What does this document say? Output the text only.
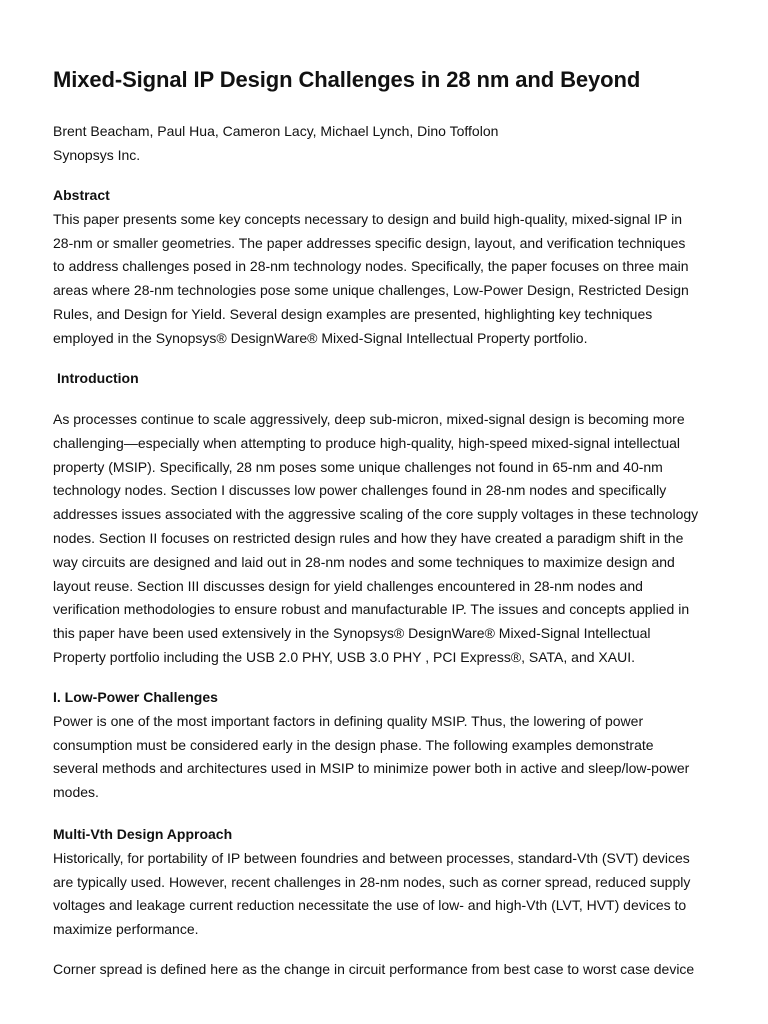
Mixed-Signal IP Design Challenges in 28 nm and Beyond
Brent Beacham, Paul Hua, Cameron Lacy, Michael Lynch, Dino Toffolon
Synopsys Inc.
Abstract
This paper presents some key concepts necessary to design and build high-quality, mixed-signal IP in
28-nm or smaller geometries. The paper addresses specific design, layout, and verification techniques
to address challenges posed in 28-nm technology nodes. Specifically, the paper focuses on three main
areas where 28-nm technologies pose some unique challenges, Low-Power Design, Restricted Design
Rules, and Design for Yield. Several design examples are presented, highlighting key techniques
employed in the Synopsys® DesignWare® Mixed-Signal Intellectual Property portfolio.
Introduction
As processes continue to scale aggressively, deep sub-micron, mixed-signal design is becoming more
challenging—especially when attempting to produce high-quality, high-speed mixed-signal intellectual
property (MSIP). Specifically, 28 nm poses some unique challenges not found in 65-nm and 40-nm
technology nodes. Section I discusses low power challenges found in 28-nm nodes and specifically
addresses issues associated with the aggressive scaling of the core supply voltages in these technology
nodes. Section II focuses on restricted design rules and how they have created a paradigm shift in the
way circuits are designed and laid out in 28-nm nodes and some techniques to maximize design and
layout reuse. Section III discusses design for yield challenges encountered in 28-nm nodes and
verification methodologies to ensure robust and manufacturable IP. The issues and concepts applied in
this paper have been used extensively in the Synopsys® DesignWare® Mixed-Signal Intellectual
Property portfolio including the USB 2.0 PHY, USB 3.0 PHY , PCI Express®, SATA, and XAUI.
I. Low-Power Challenges
Power is one of the most important factors in defining quality MSIP. Thus, the lowering of power
consumption must be considered early in the design phase. The following examples demonstrate
several methods and architectures used in MSIP to minimize power both in active and sleep/low-power
modes.
Multi-Vth Design Approach
Historically, for portability of IP between foundries and between processes, standard-Vth (SVT) devices
are typically used. However, recent challenges in 28-nm nodes, such as corner spread, reduced supply
voltages and leakage current reduction necessitate the use of low- and high-Vth (LVT, HVT) devices to
maximize performance.
Corner spread is defined here as the change in circuit performance from best case to worst case device
